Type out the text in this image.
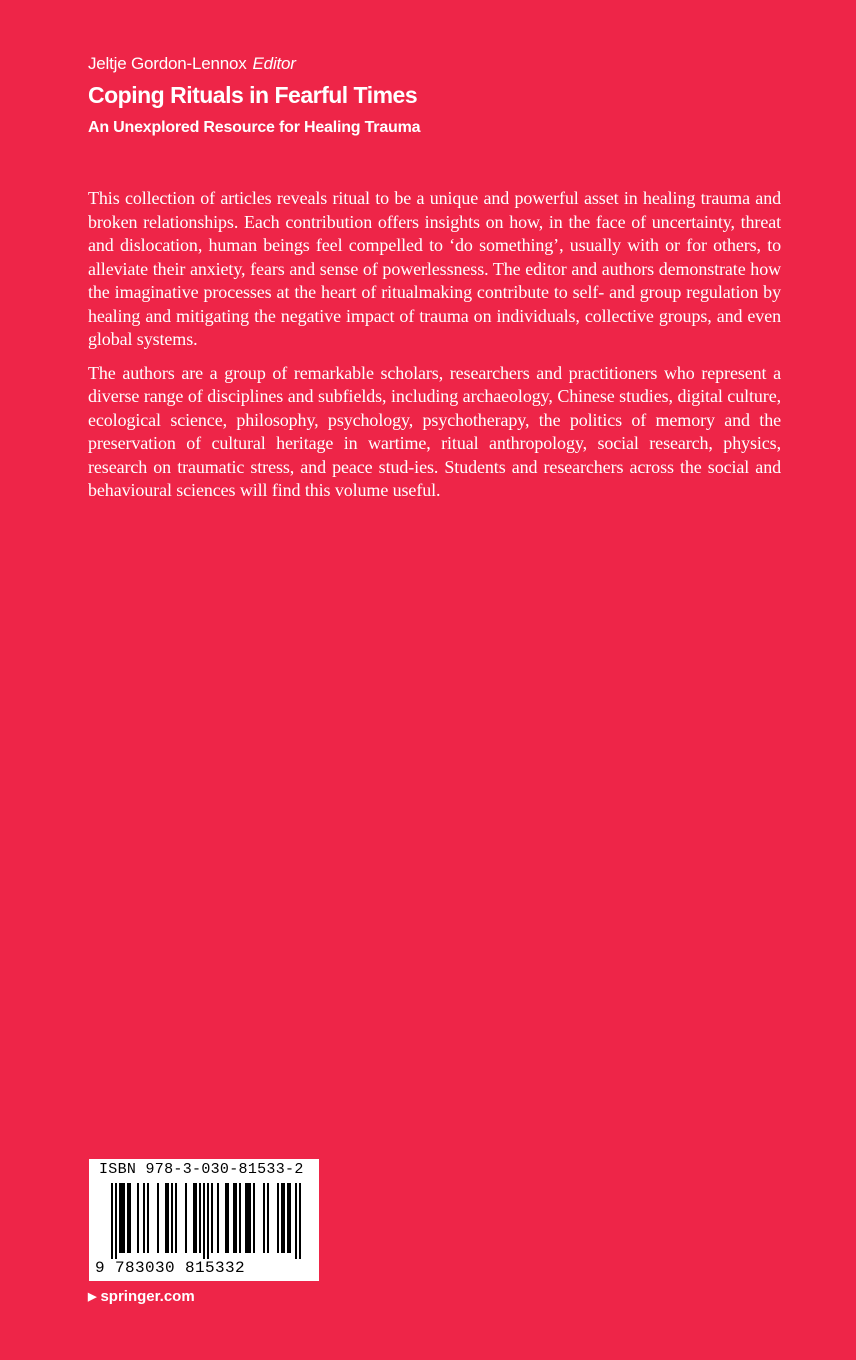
Jeltje Gordon-Lennox Editor
Coping Rituals in Fearful Times
An Unexplored Resource for Healing Trauma

This collection of articles reveals ritual to be a unique and powerful asset in healing trauma and broken relationships. Each contribution offers insights on how, in the face of uncertainty, threat and dislocation, human beings feel compelled to ‘do something’, usually with or for others, to alleviate their anxiety, fears and sense of powerlessness. The editor and authors demonstrate how the imaginative processes at the heart of ritualmaking contribute to self- and group regulation by healing and mitigating the negative impact of trauma on individuals, collective groups, and even global systems.

The authors are a group of remarkable scholars, researchers and practitioners who represent a diverse range of disciplines and subfields, including archaeology, Chinese studies, digital culture, ecological science, philosophy, psychology, psychotherapy, the politics of memory and the preservation of cultural heritage in wartime, ritual anthropology, social research, physics, research on traumatic stress, and peace stud-ies. Students and researchers across the social and behavioural sciences will find this volume useful.

ISBN 978-3-030-81533-2
9 783030 815332
▶ springer.com
